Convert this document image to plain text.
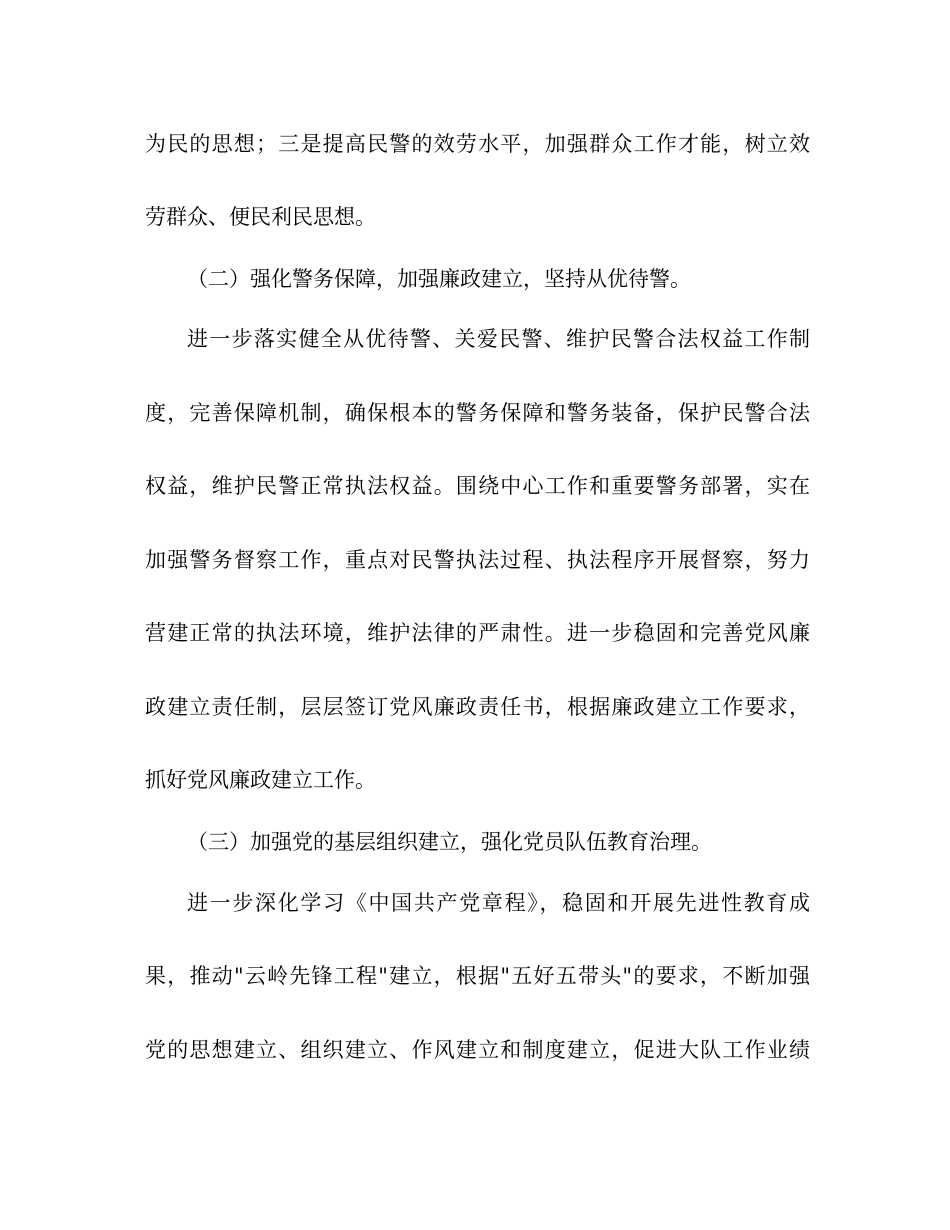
为民的思想；三是提高民警的效劳水平，加强群众工作才能，树立效
劳群众、便民利民思想。
（二）强化警务保障，加强廉政建立，坚持从优待警。
进一步落实健全从优待警、关爱民警、维护民警合法权益工作制
度，完善保障机制，确保根本的警务保障和警务装备，保护民警合法
权益，维护民警正常执法权益。围绕中心工作和重要警务部署，实在
加强警务督察工作，重点对民警执法过程、执法程序开展督察，努力
营建正常的执法环境，维护法律的严肃性。进一步稳固和完善党风廉
政建立责任制，层层签订党风廉政责任书，根据廉政建立工作要求，
抓好党风廉政建立工作。
（三）加强党的基层组织建立，强化党员队伍教育治理。
进一步深化学习《中国共产党章程》，稳固和开展先进性教育成
果，推动"云岭先锋工程"建立，根据"五好五带头"的要求，不断加强
党的思想建立、组织建立、作风建立和制度建立，促进大队工作业绩
